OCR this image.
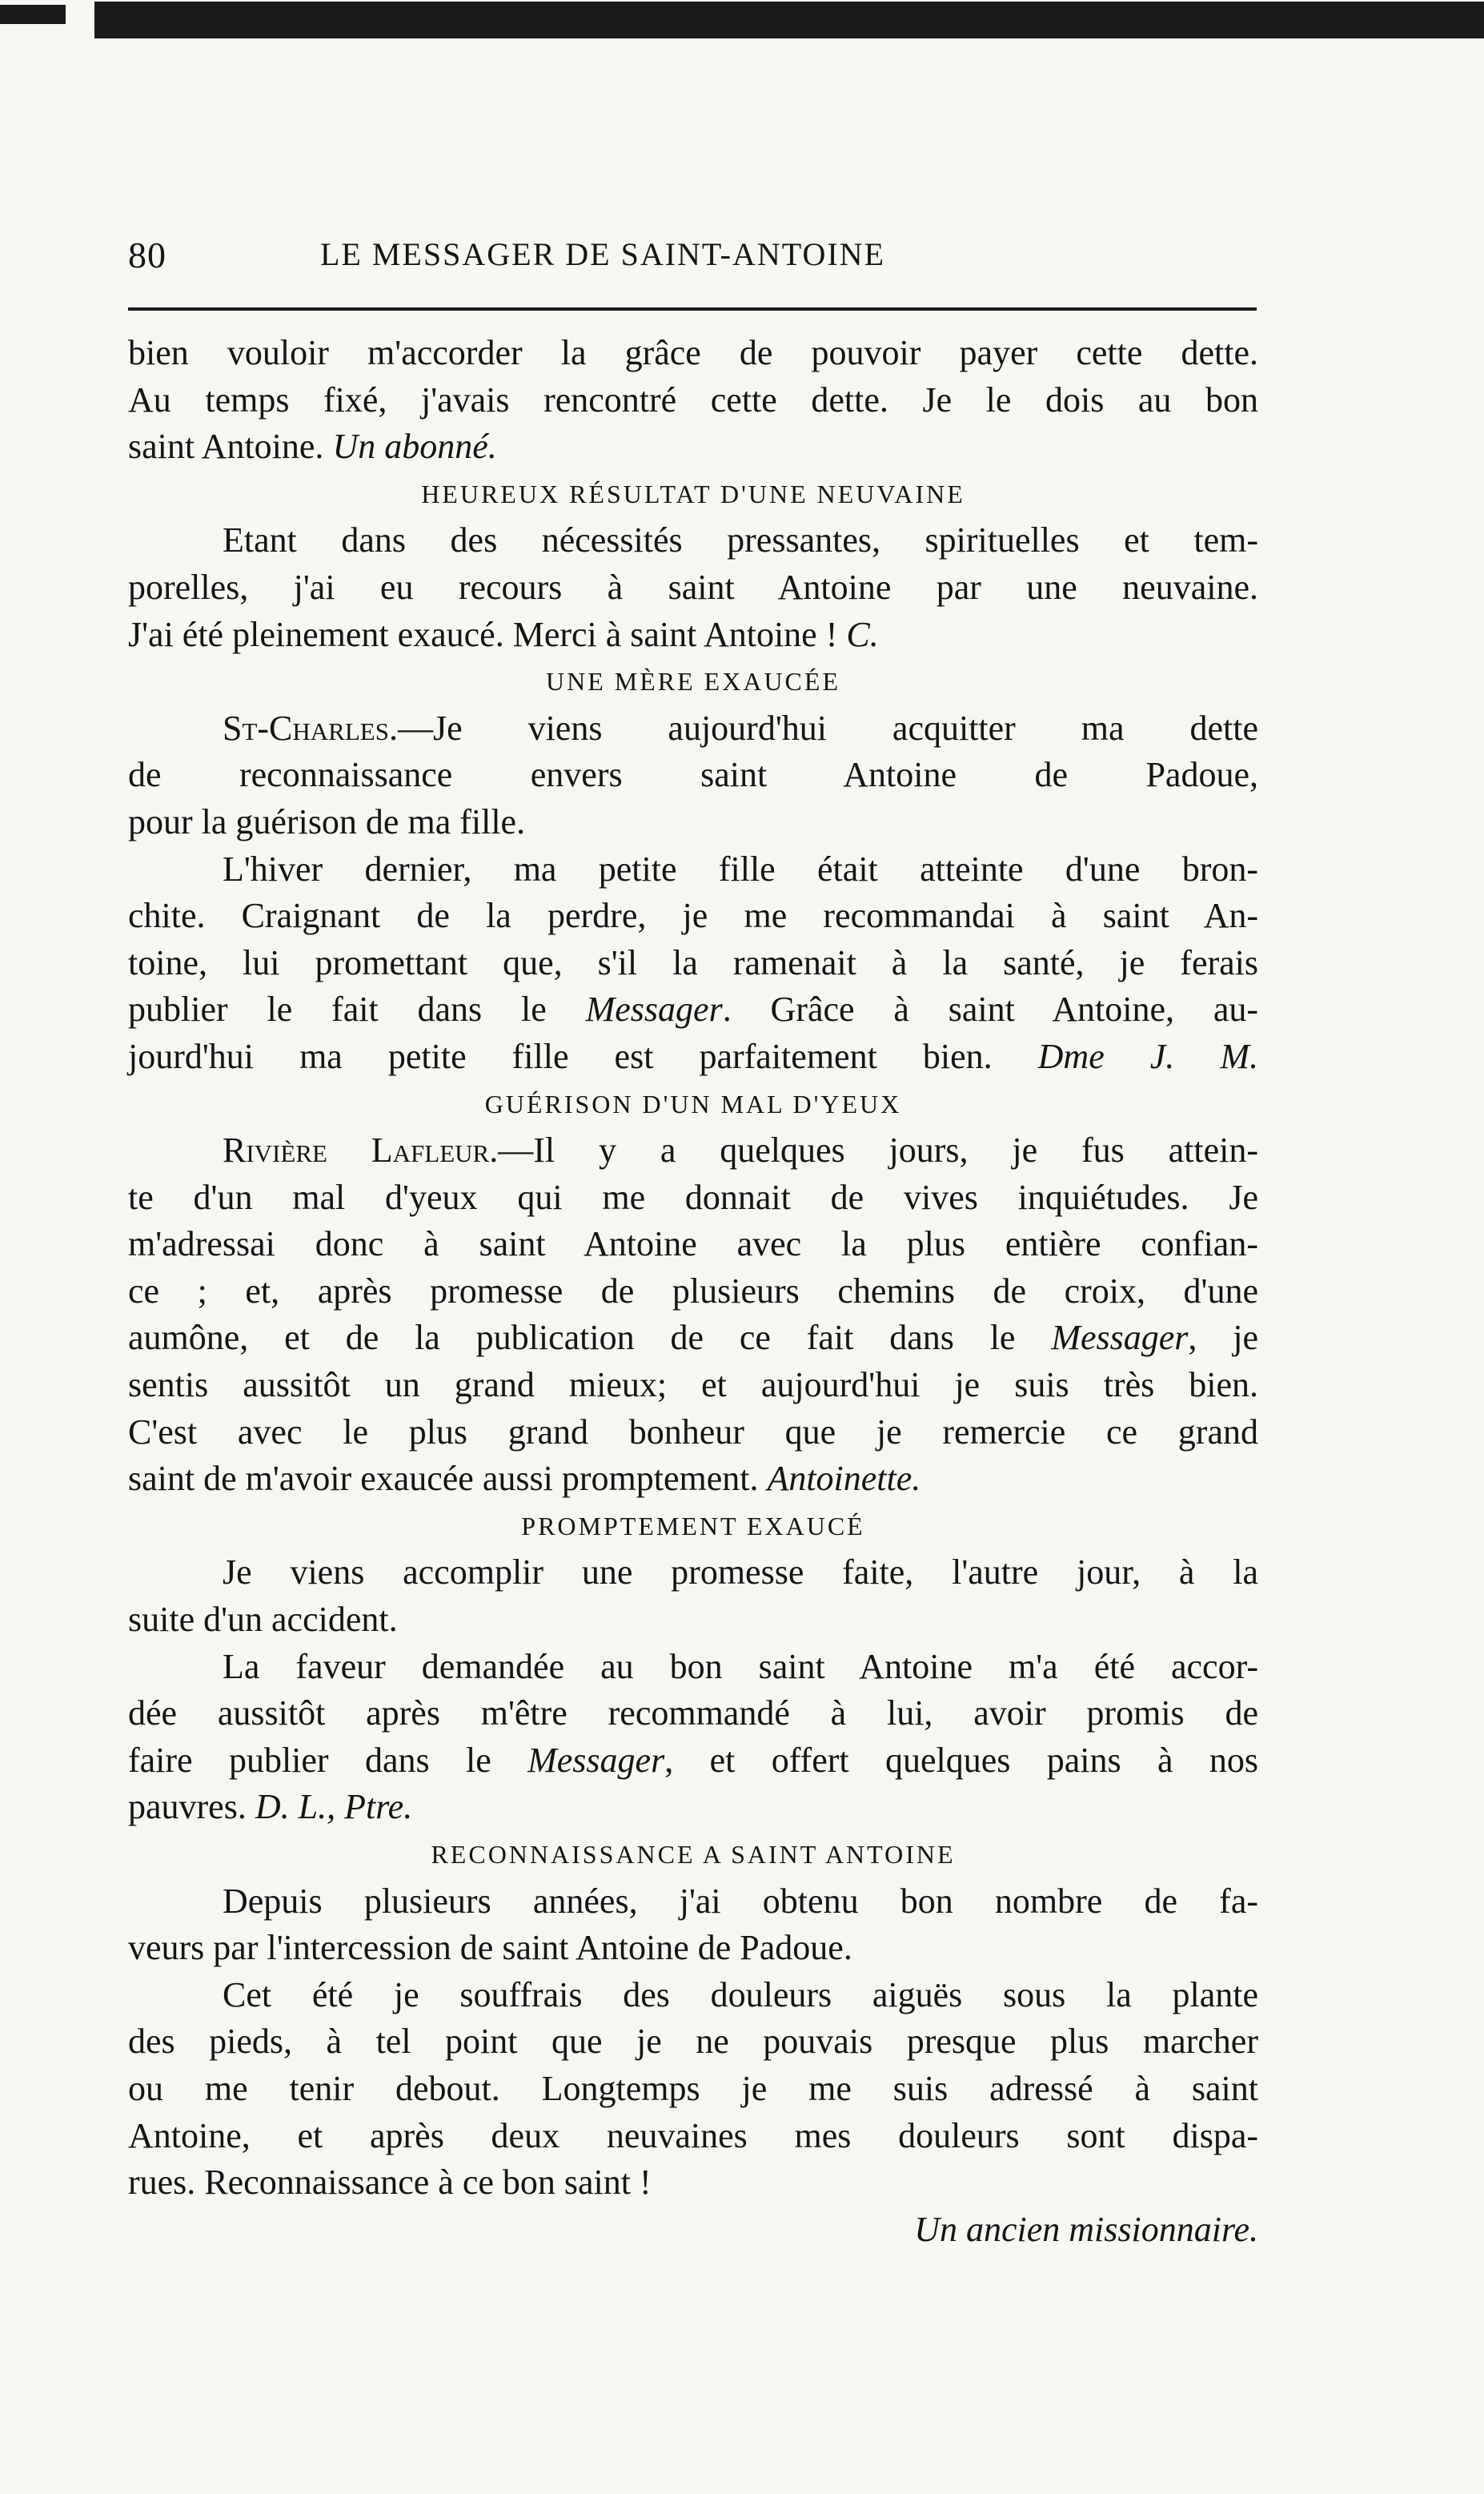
80	LE MESSAGER DE SAINT-ANTOINE
bien vouloir m'accorder la grâce de pouvoir payer cette dette.
Au temps fixé, j'avais rencontré cette dette. Je le dois au bon
saint Antoine. Un abonné.
HEUREUX RÉSULTAT D'UNE NEUVAINE
Etant dans des nécessités pressantes, spirituelles et tem-
porelles, j'ai eu recours à saint Antoine par une neuvaine.
J'ai été pleinement exaucé. Merci à saint Antoine ! C.
UNE MÈRE EXAUCÉE
St-Charles.—Je viens aujourd'hui acquitter ma dette
de reconnaissance envers saint Antoine de Padoue,
pour la guérison de ma fille.
L'hiver dernier, ma petite fille était atteinte d'une bron-
chite. Craignant de la perdre, je me recommandai à saint An-
toine, lui promettant que, s'il la ramenait à la santé, je ferais
publier le fait dans le Messager. Grâce à saint Antoine, au-
jourd'hui ma petite fille est parfaitement bien. Dme J. M.
GUÉRISON D'UN MAL D'YEUX
Rivière Lafleur.—Il y a quelques jours, je fus attein-
te d'un mal d'yeux qui me donnait de vives inquiétudes. Je
m'adressai donc à saint Antoine avec la plus entière confian-
ce ; et, après promesse de plusieurs chemins de croix, d'une
aumône, et de la publication de ce fait dans le Messager, je
sentis aussitôt un grand mieux; et aujourd'hui je suis très bien.
C'est avec le plus grand bonheur que je remercie ce grand
saint de m'avoir exaucée aussi promptement. Antoinette.
PROMPTEMENT EXAUCÉ
Je viens accomplir une promesse faite, l'autre jour, à la
suite d'un accident.
La faveur demandée au bon saint Antoine m'a été accor-
dée aussitôt après m'être recommandé à lui, avoir promis de
faire publier dans le Messager, et offert quelques pains à nos
pauvres. D. L., Ptre.
RECONNAISSANCE A SAINT ANTOINE
Depuis plusieurs années, j'ai obtenu bon nombre de fa-
veurs par l'intercession de saint Antoine de Padoue.
Cet été je souffrais des douleurs aiguës sous la plante
des pieds, à tel point que je ne pouvais presque plus marcher
ou me tenir debout. Longtemps je me suis adressé à saint
Antoine, et après deux neuvaines mes douleurs sont dispa-
rues. Reconnaissance à ce bon saint !
Un ancien missionnaire.
